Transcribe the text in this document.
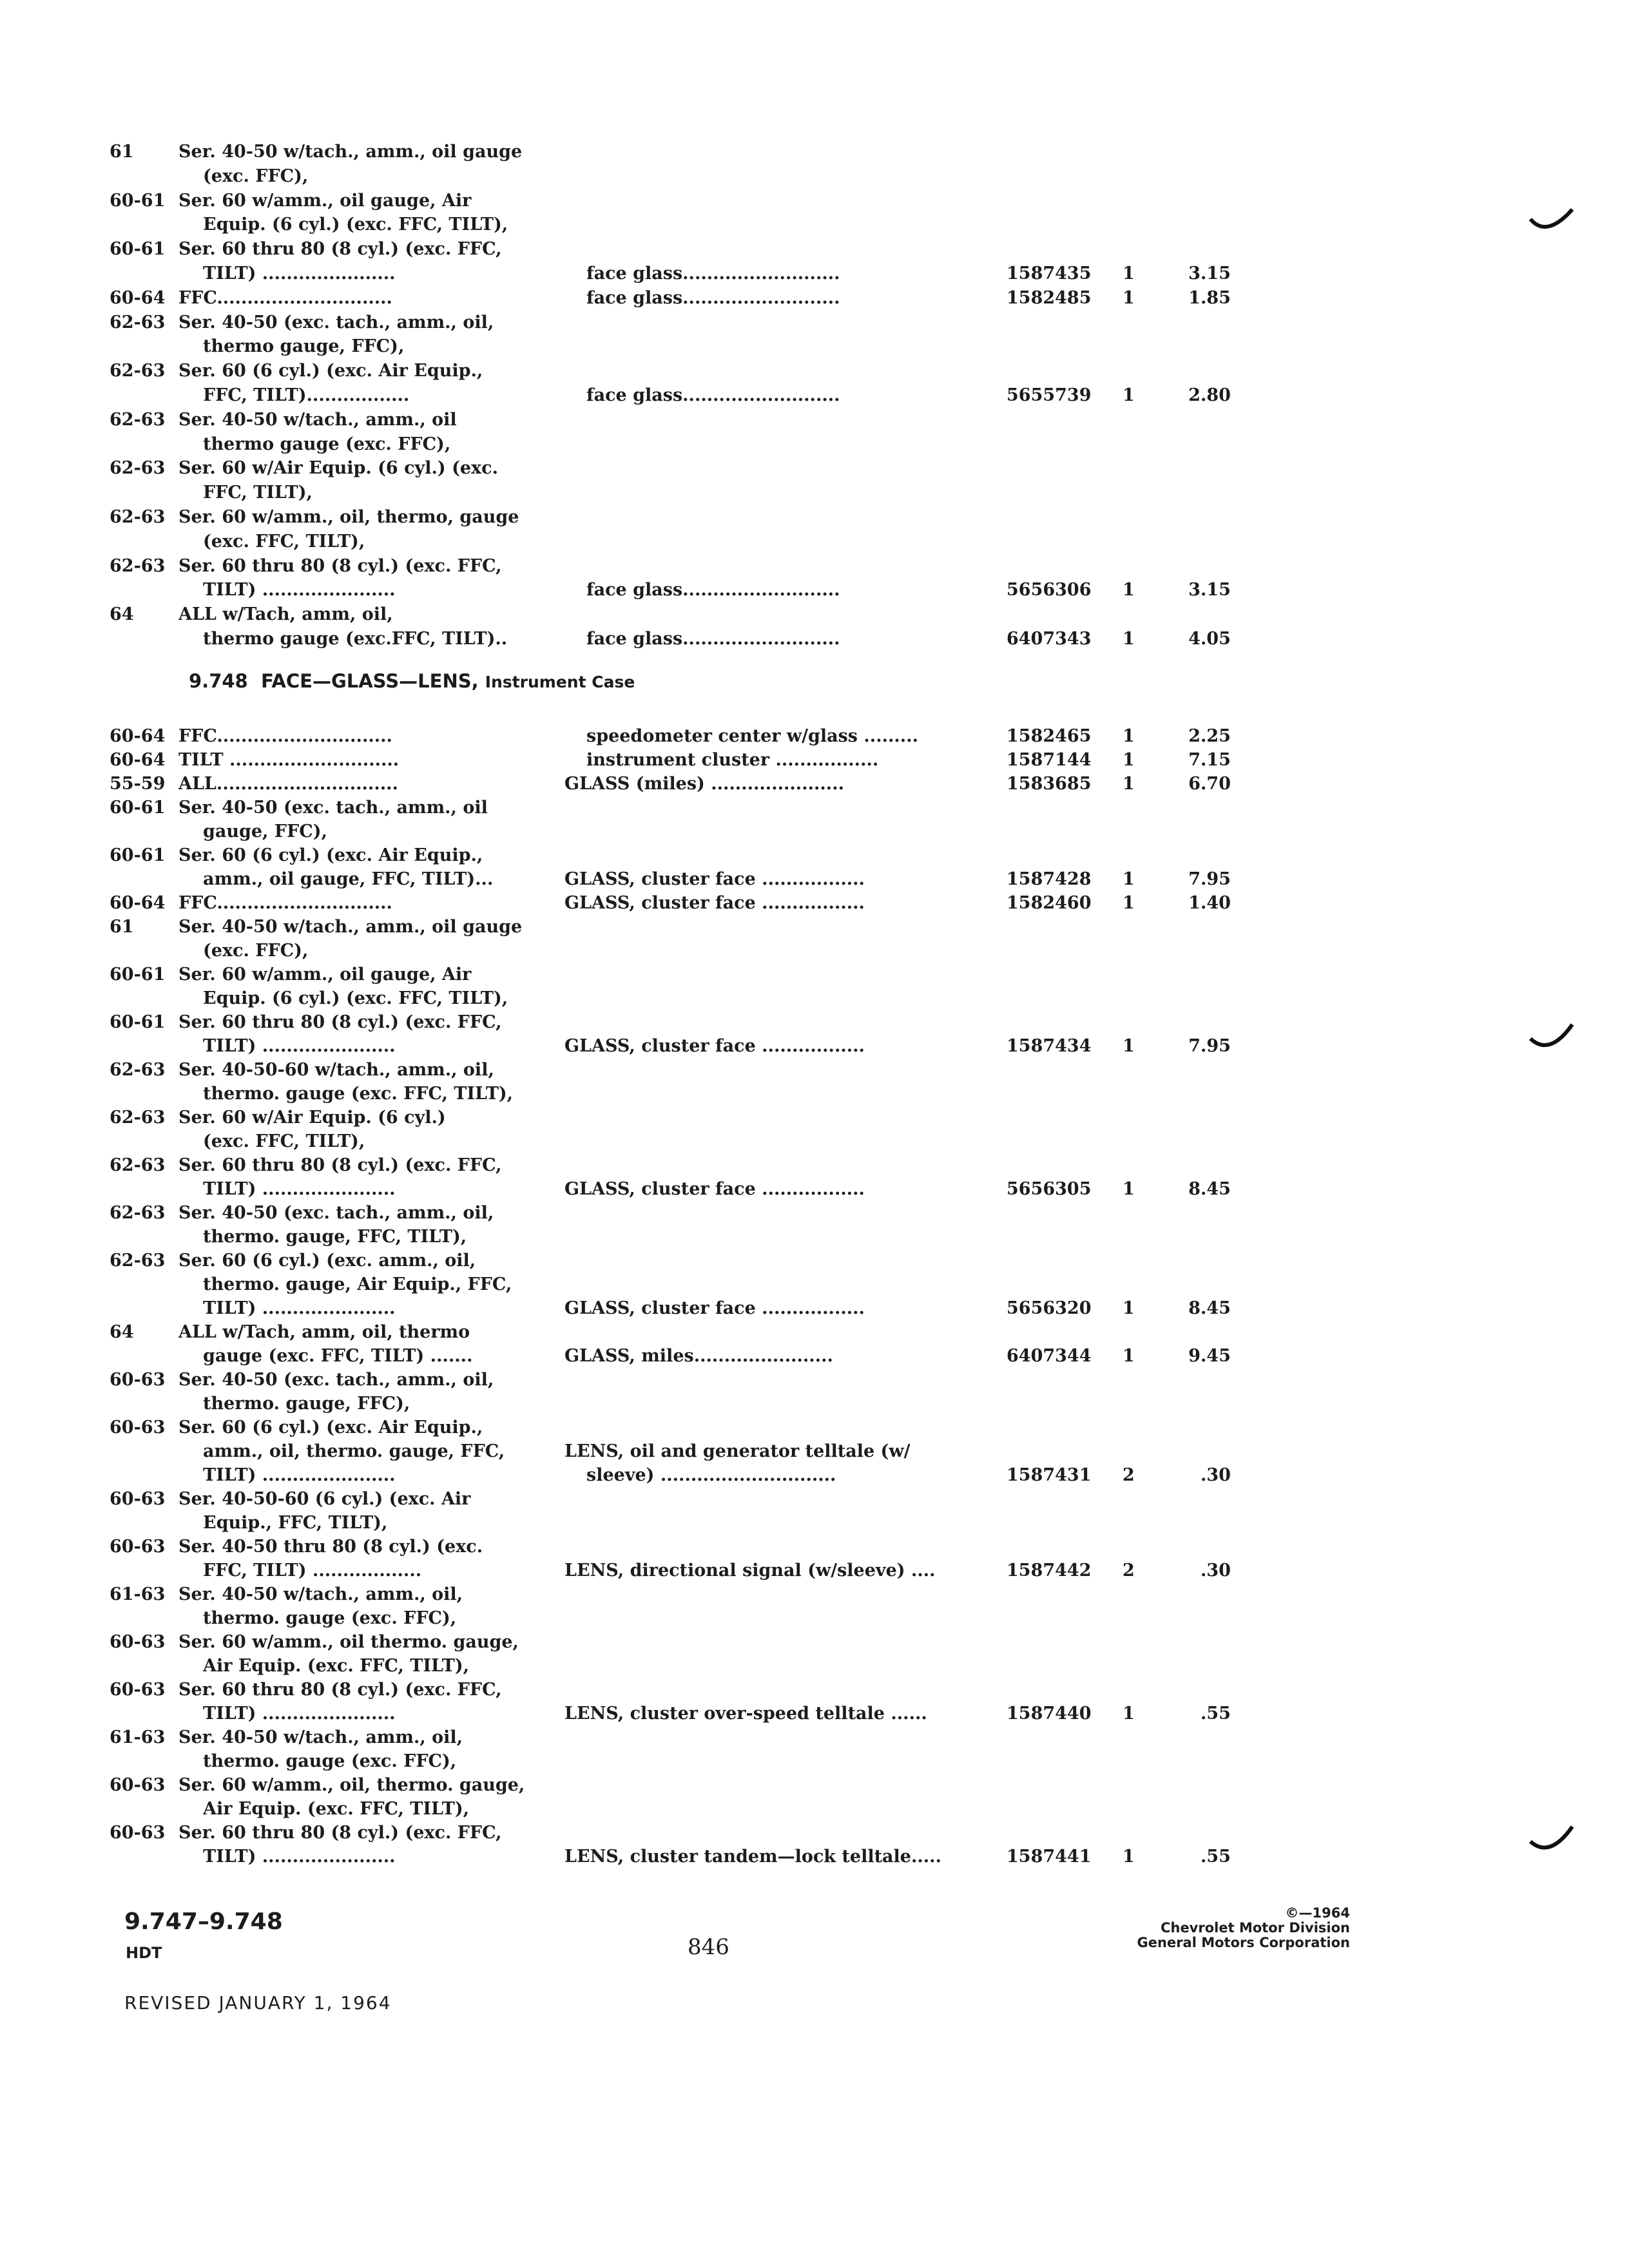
61	Ser. 40-50 w/tach., amm., oil gauge
(exc. FFC),
60-61 Ser. 60 w/amm., oil gauge, Air
Equip. (6 cyl.) (exc. FFC, TILT),
60-61 Ser. 60 thru 80 (8 cyl.) (exc. FFC,
TILT) ......................	face glass..........................	1587435 1	3.15
60-64 FFC.............................	face glass..........................	1582485 1	1.85
62-63 Ser. 40-50 (exc. tach., amm., oil,
thermo gauge, FFC),
62-63 Ser. 60 (6 cyl.) (exc. Air Equip.,
FFC, TILT).................	face glass..........................	5655739 1	2.80
62-63 Ser. 40-50 w/tach., amm., oil
thermo gauge (exc. FFC),
62-63 Ser. 60 w/Air Equip. (6 cyl.) (exc.
FFC, TILT),
62-63 Ser. 60 w/amm., oil, thermo, gauge
(exc. FFC, TILT),
62-63 Ser. 60 thru 80 (8 cyl.) (exc. FFC,
TILT) ......................	face glass..........................	5656306 1	3.15
64	ALL w/Tach, amm, oil,
thermo gauge (exc.FFC, TILT)..	face glass..........................	6407343 1	4.05
9.748 FACE—GLASS—LENS, Instrument Case
60-64 FFC.............................	speedometer center w/glass .........	1582465 1	2.25
60-64 TILT ............................	instrument cluster .................	1587144 1	7.15
55-59 ALL..............................	GLASS (miles) ......................	1583685 1	6.70
60-61 Ser. 40-50 (exc. tach., amm., oil
gauge, FFC),
60-61 Ser. 60 (6 cyl.) (exc. Air Equip.,
amm., oil gauge, FFC, TILT)...	GLASS, cluster face .................	1587428 1	7.95
60-64 FFC.............................	GLASS, cluster face .................	1582460 1	1.40
61	Ser. 40-50 w/tach., amm., oil gauge
(exc. FFC),
60-61 Ser. 60 w/amm., oil gauge, Air
Equip. (6 cyl.) (exc. FFC, TILT),
60-61 Ser. 60 thru 80 (8 cyl.) (exc. FFC,
TILT) ......................	GLASS, cluster face .................	1587434 1	7.95
62-63 Ser. 40-50-60 w/tach., amm., oil,
thermo. gauge (exc. FFC, TILT),
62-63 Ser. 60 w/Air Equip. (6 cyl.)
(exc. FFC, TILT),
62-63 Ser. 60 thru 80 (8 cyl.) (exc. FFC,
TILT) ......................	GLASS, cluster face .................	5656305 1	8.45
62-63 Ser. 40-50 (exc. tach., amm., oil,
thermo. gauge, FFC, TILT),
62-63 Ser. 60 (6 cyl.) (exc. amm., oil,
thermo. gauge, Air Equip., FFC,
TILT) ......................	GLASS, cluster face .................	5656320 1	8.45
64	ALL w/Tach, amm, oil, thermo
gauge (exc. FFC, TILT) .......	GLASS, miles.......................	6407344 1	9.45
60-63 Ser. 40-50 (exc. tach., amm., oil,
thermo. gauge, FFC),
60-63 Ser. 60 (6 cyl.) (exc. Air Equip.,
amm., oil, thermo. gauge, FFC,	LENS, oil and generator telltale (w/
TILT) ......................	sleeve) .............................	1587431 2	.30
60-63 Ser. 40-50-60 (6 cyl.) (exc. Air
Equip., FFC, TILT),
60-63 Ser. 40-50 thru 80 (8 cyl.) (exc.
FFC, TILT) ..................	LENS, directional signal (w/sleeve) ....	1587442 2	.30
61-63 Ser. 40-50 w/tach., amm., oil,
thermo. gauge (exc. FFC),
60-63 Ser. 60 w/amm., oil thermo. gauge,
Air Equip. (exc. FFC, TILT),
60-63 Ser. 60 thru 80 (8 cyl.) (exc. FFC,
TILT) ......................	LENS, cluster over-speed telltale ......	1587440 1	.55
61-63 Ser. 40-50 w/tach., amm., oil,
thermo. gauge (exc. FFC),
60-63 Ser. 60 w/amm., oil, thermo. gauge,
Air Equip. (exc. FFC, TILT),
60-63 Ser. 60 thru 80 (8 cyl.) (exc. FFC,
TILT) ......................	LENS, cluster tandem—lock telltale.....	1587441 1	.55
9.747–9.748
HDT	846
©—1964
Chevrolet Motor Division
General Motors Corporation
REVISED JANUARY 1, 1964
